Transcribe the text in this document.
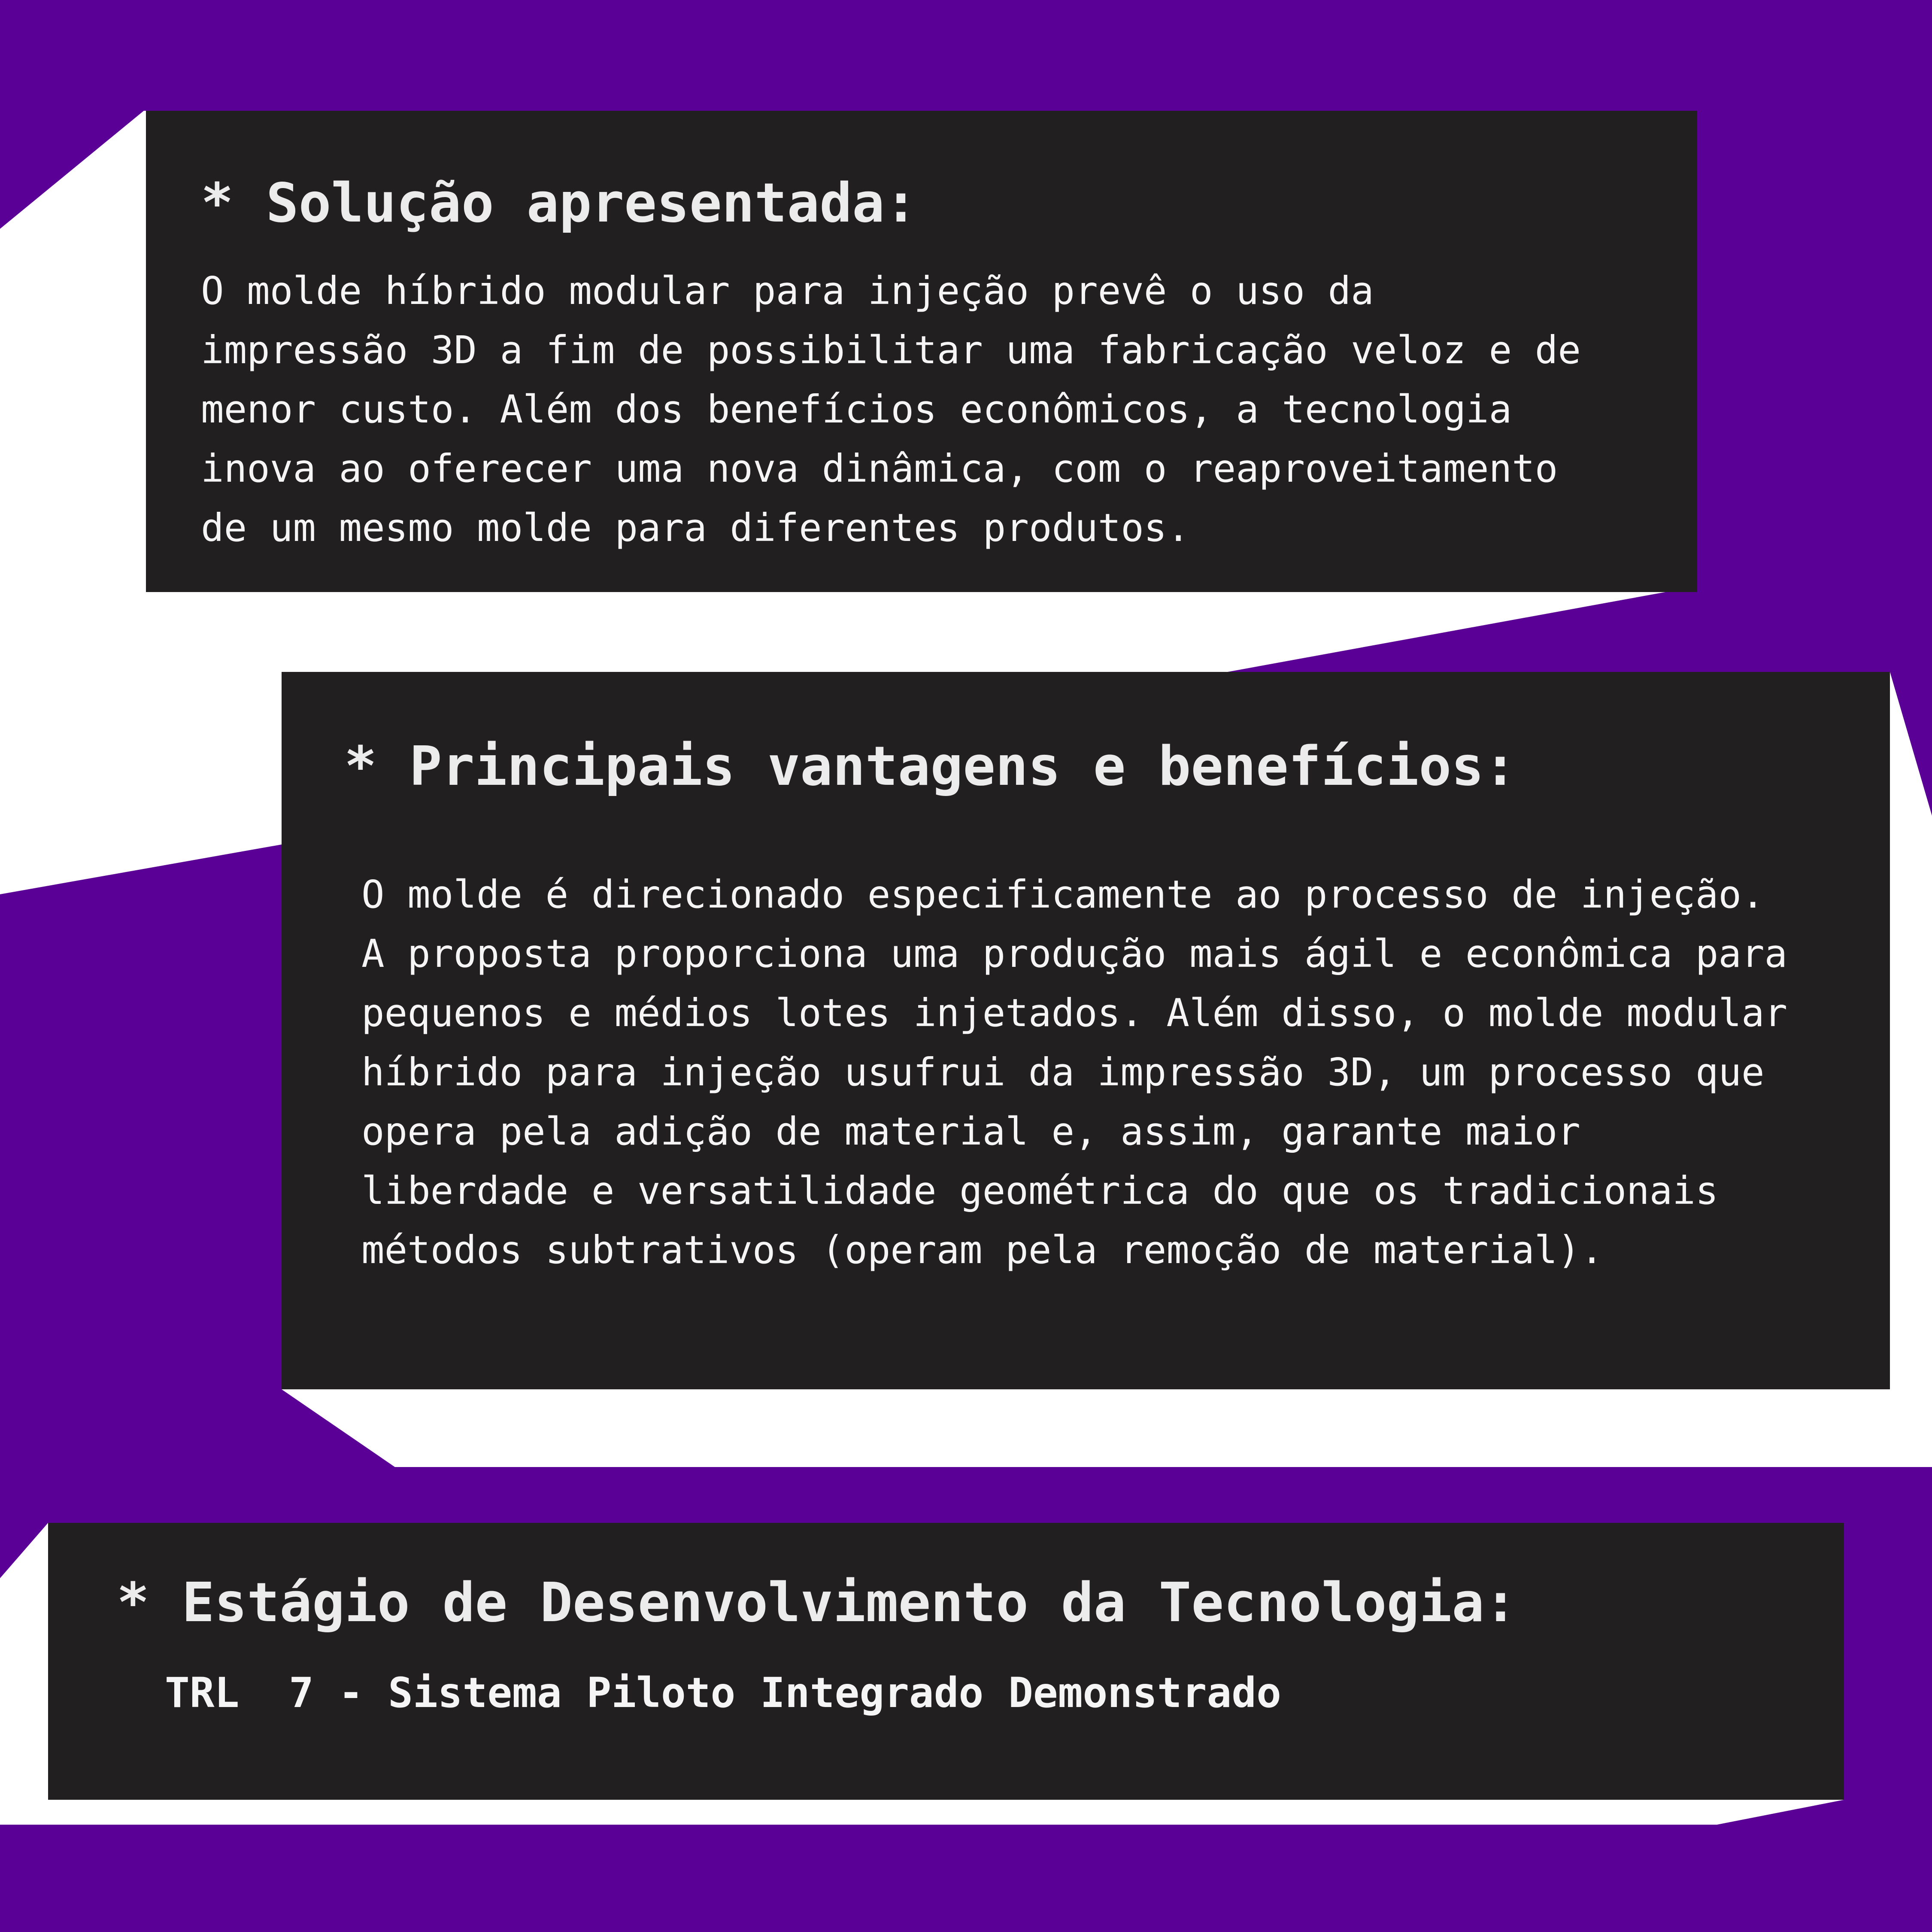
* Solução apresentada:
O molde híbrido modular para injeção prevê o uso da
impressão 3D a fim de possibilitar uma fabricação veloz e de
menor custo. Além dos benefícios econômicos, a tecnologia
inova ao oferecer uma nova dinâmica, com o reaproveitamento
de um mesmo molde para diferentes produtos.
* Principais vantagens e benefícios:
O molde é direcionado especificamente ao processo de injeção.
A proposta proporciona uma produção mais ágil e econômica para
pequenos e médios lotes injetados. Além disso, o molde modular
híbrido para injeção usufrui da impressão 3D, um processo que
opera pela adição de material e, assim, garante maior
liberdade e versatilidade geométrica do que os tradicionais
métodos subtrativos (operam pela remoção de material).
* Estágio de Desenvolvimento da Tecnologia:
TRL  7 - Sistema Piloto Integrado Demonstrado
